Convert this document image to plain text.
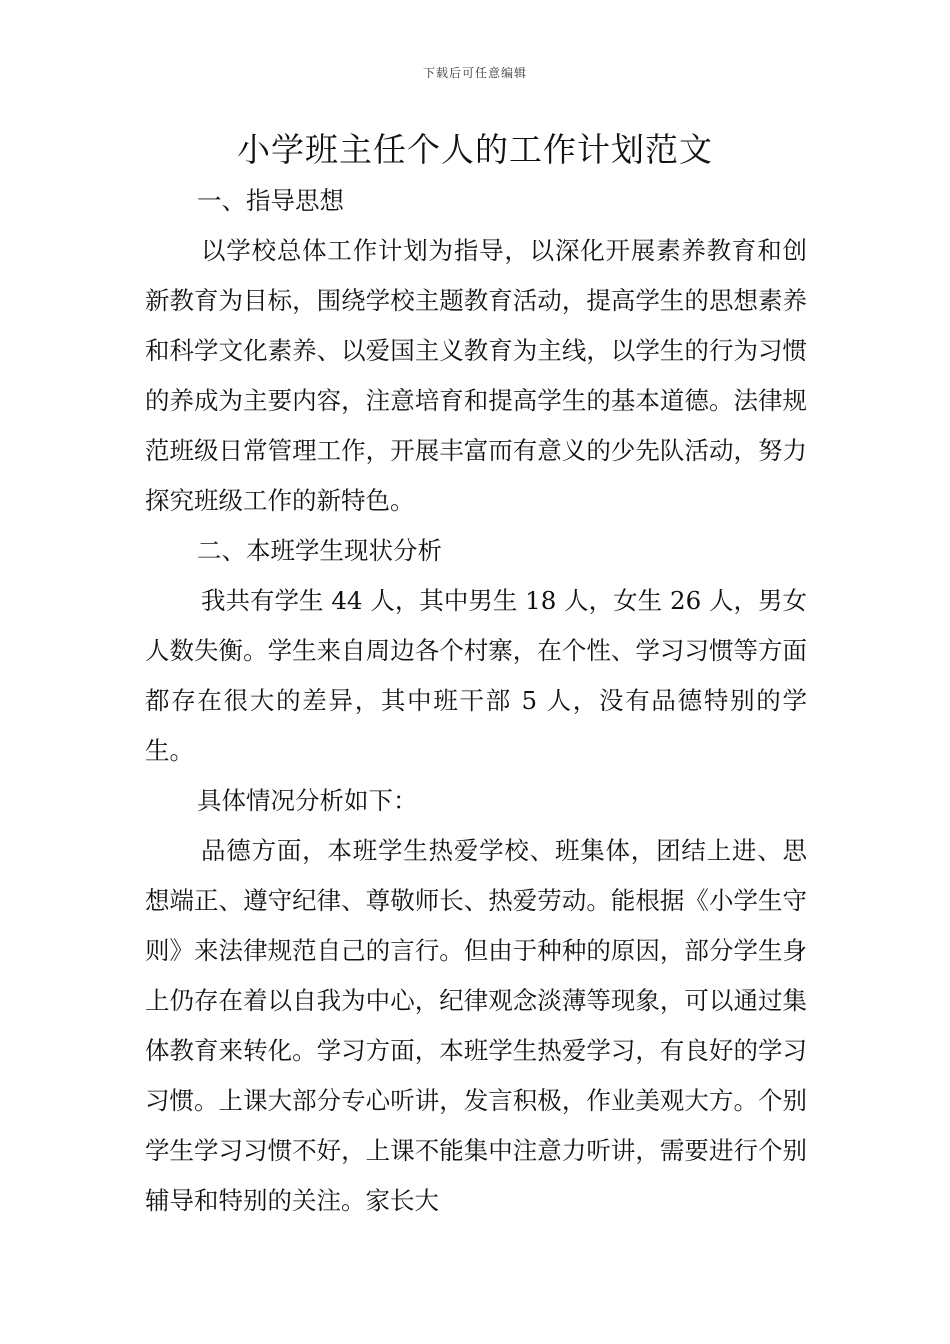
下载后可任意编辑
小学班主任个人的工作计划范文

一、指导思想

以学校总体工作计划为指导，以深化开展素养教育和创新教育为目标，围绕学校主题教育活动，提高学生的思想素养和科学文化素养、以爱国主义教育为主线，以学生的行为习惯的养成为主要内容，注意培育和提高学生的基本道德。法律规范班级日常管理工作，开展丰富而有意义的少先队活动，努力探究班级工作的新特色。

二、本班学生现状分析

我共有学生 44 人，其中男生 18 人，女生 26 人，男女人数失衡。学生来自周边各个村寨，在个性、学习习惯等方面都存在很大的差异，其中班干部 5 人，没有品德特别的学生。

具体情况分析如下：

品德方面，本班学生热爱学校、班集体，团结上进、思想端正、遵守纪律、尊敬师长、热爱劳动。能根据《小学生守则》来法律规范自己的言行。但由于种种的原因，部分学生身上仍存在着以自我为中心，纪律观念淡薄等现象，可以通过集体教育来转化。学习方面，本班学生热爱学习，有良好的学习习惯。上课大部分专心听讲，发言积极，作业美观大方。个别学生学习习惯不好，上课不能集中注意力听讲，需要进行个别辅导和特别的关注。家长大
